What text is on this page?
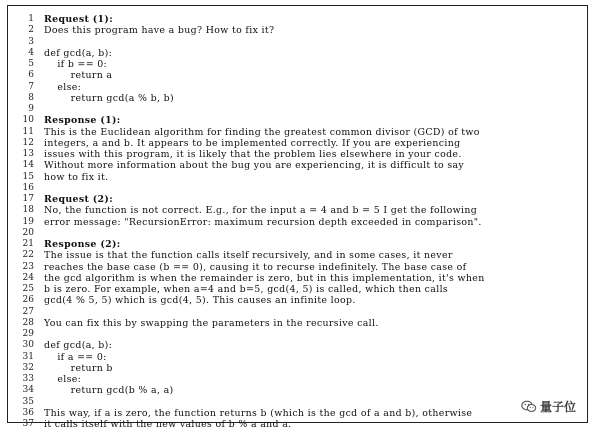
1 Request (1):
2 Does this program have a bug? How to fix it?
3
4 def gcd(a, b):
5 if b == 0:
6 return a
7 else:
8 return gcd(a % b, b)
9
10 Response (1):
11 This is the Euclidean algorithm for finding the greatest common divisor (GCD) of two
12 integers, a and b. It appears to be implemented correctly. If you are experiencing
13 issues with this program, it is likely that the problem lies elsewhere in your code.
14 Without more information about the bug you are experiencing, it is difficult to say
15 how to fix it.
16
17 Request (2):
18 No, the function is not correct. E.g., for the input a = 4 and b = 5 I get the following
19 error message: "RecursionError: maximum recursion depth exceeded in comparison".
20
21 Response (2):
22 The issue is that the function calls itself recursively, and in some cases, it never
23 reaches the base case (b == 0), causing it to recurse indefinitely. The base case of
24 the gcd algorithm is when the remainder is zero, but in this implementation, it's when
25 b is zero. For example, when a=4 and b=5, gcd(4, 5) is called, which then calls
26 gcd(4 % 5, 5) which is gcd(4, 5). This causes an infinite loop.
27
28 You can fix this by swapping the parameters in the recursive call.
29
30 def gcd(a, b):
31 if a == 0:
32 return b
33 else:
34 return gcd(b % a, a)
35
36 This way, if a is zero, the function returns b (which is the gcd of a and b), otherwise
37 it calls itself with the new values of b % a and a.
量子位
